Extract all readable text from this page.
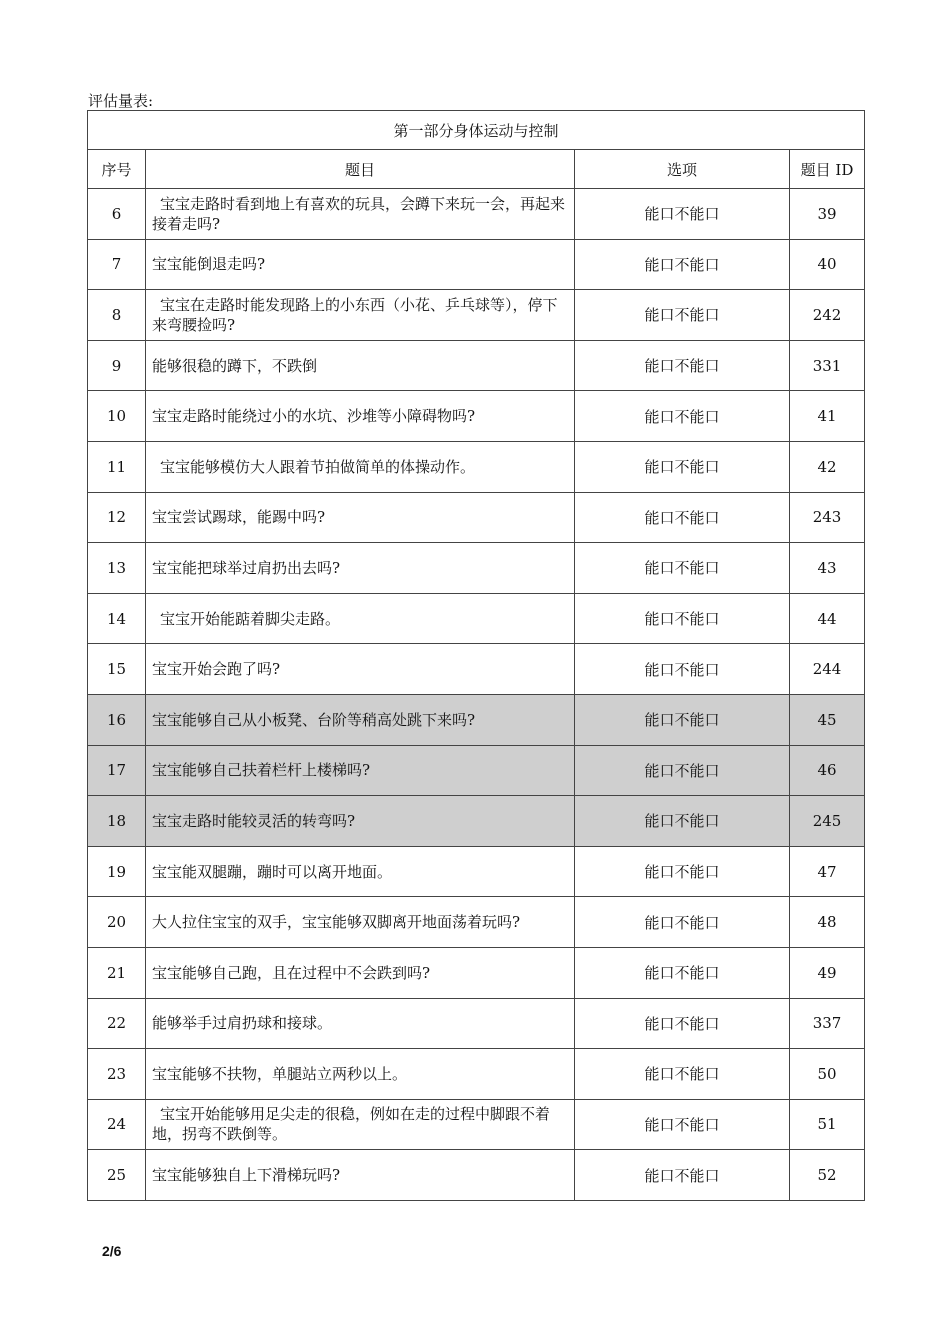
评估量表:
第一部分身体运动与控制			
序号	题目	选项	题目 ID
6	宝宝走路时看到地上有喜欢的玩具，会蹲下来玩一会，再起来接着走吗?	能口不能口	39
7	宝宝能倒退走吗?	能口不能口	40
8	宝宝在走路时能发现路上的小东西（小花、乒乓球等），停下来弯腰捡吗?	能口不能口	242
9	能够很稳的蹲下，不跌倒	能口不能口	331
10	宝宝走路时能绕过小的水坑、沙堆等小障碍物吗?	能口不能口	41
11	宝宝能够模仿大人跟着节拍做简单的体操动作。	能口不能口	42
12	宝宝尝试踢球，能踢中吗?	能口不能口	243
13	宝宝能把球举过肩扔出去吗?	能口不能口	43
14	宝宝开始能踮着脚尖走路。	能口不能口	44
15	宝宝开始会跑了吗?	能口不能口	244
16	宝宝能够自己从小板凳、台阶等稍高处跳下来吗?	能口不能口	45
17	宝宝能够自己扶着栏杆上楼梯吗?	能口不能口	46
18	宝宝走路时能较灵活的转弯吗?	能口不能口	245
19	宝宝能双腿蹦，蹦时可以离开地面。	能口不能口	47
20	大人拉住宝宝的双手，宝宝能够双脚离开地面荡着玩吗?	能口不能口	48
21	宝宝能够自己跑，且在过程中不会跌到吗?	能口不能口	49
22	能够举手过肩扔球和接球。	能口不能口	337
23	宝宝能够不扶物，单腿站立两秒以上。	能口不能口	50
24	宝宝开始能够用足尖走的很稳，例如在走的过程中脚跟不着地，拐弯不跌倒等。	能口不能口	51
25	宝宝能够独自上下滑梯玩吗?	能口不能口	52
2/6
